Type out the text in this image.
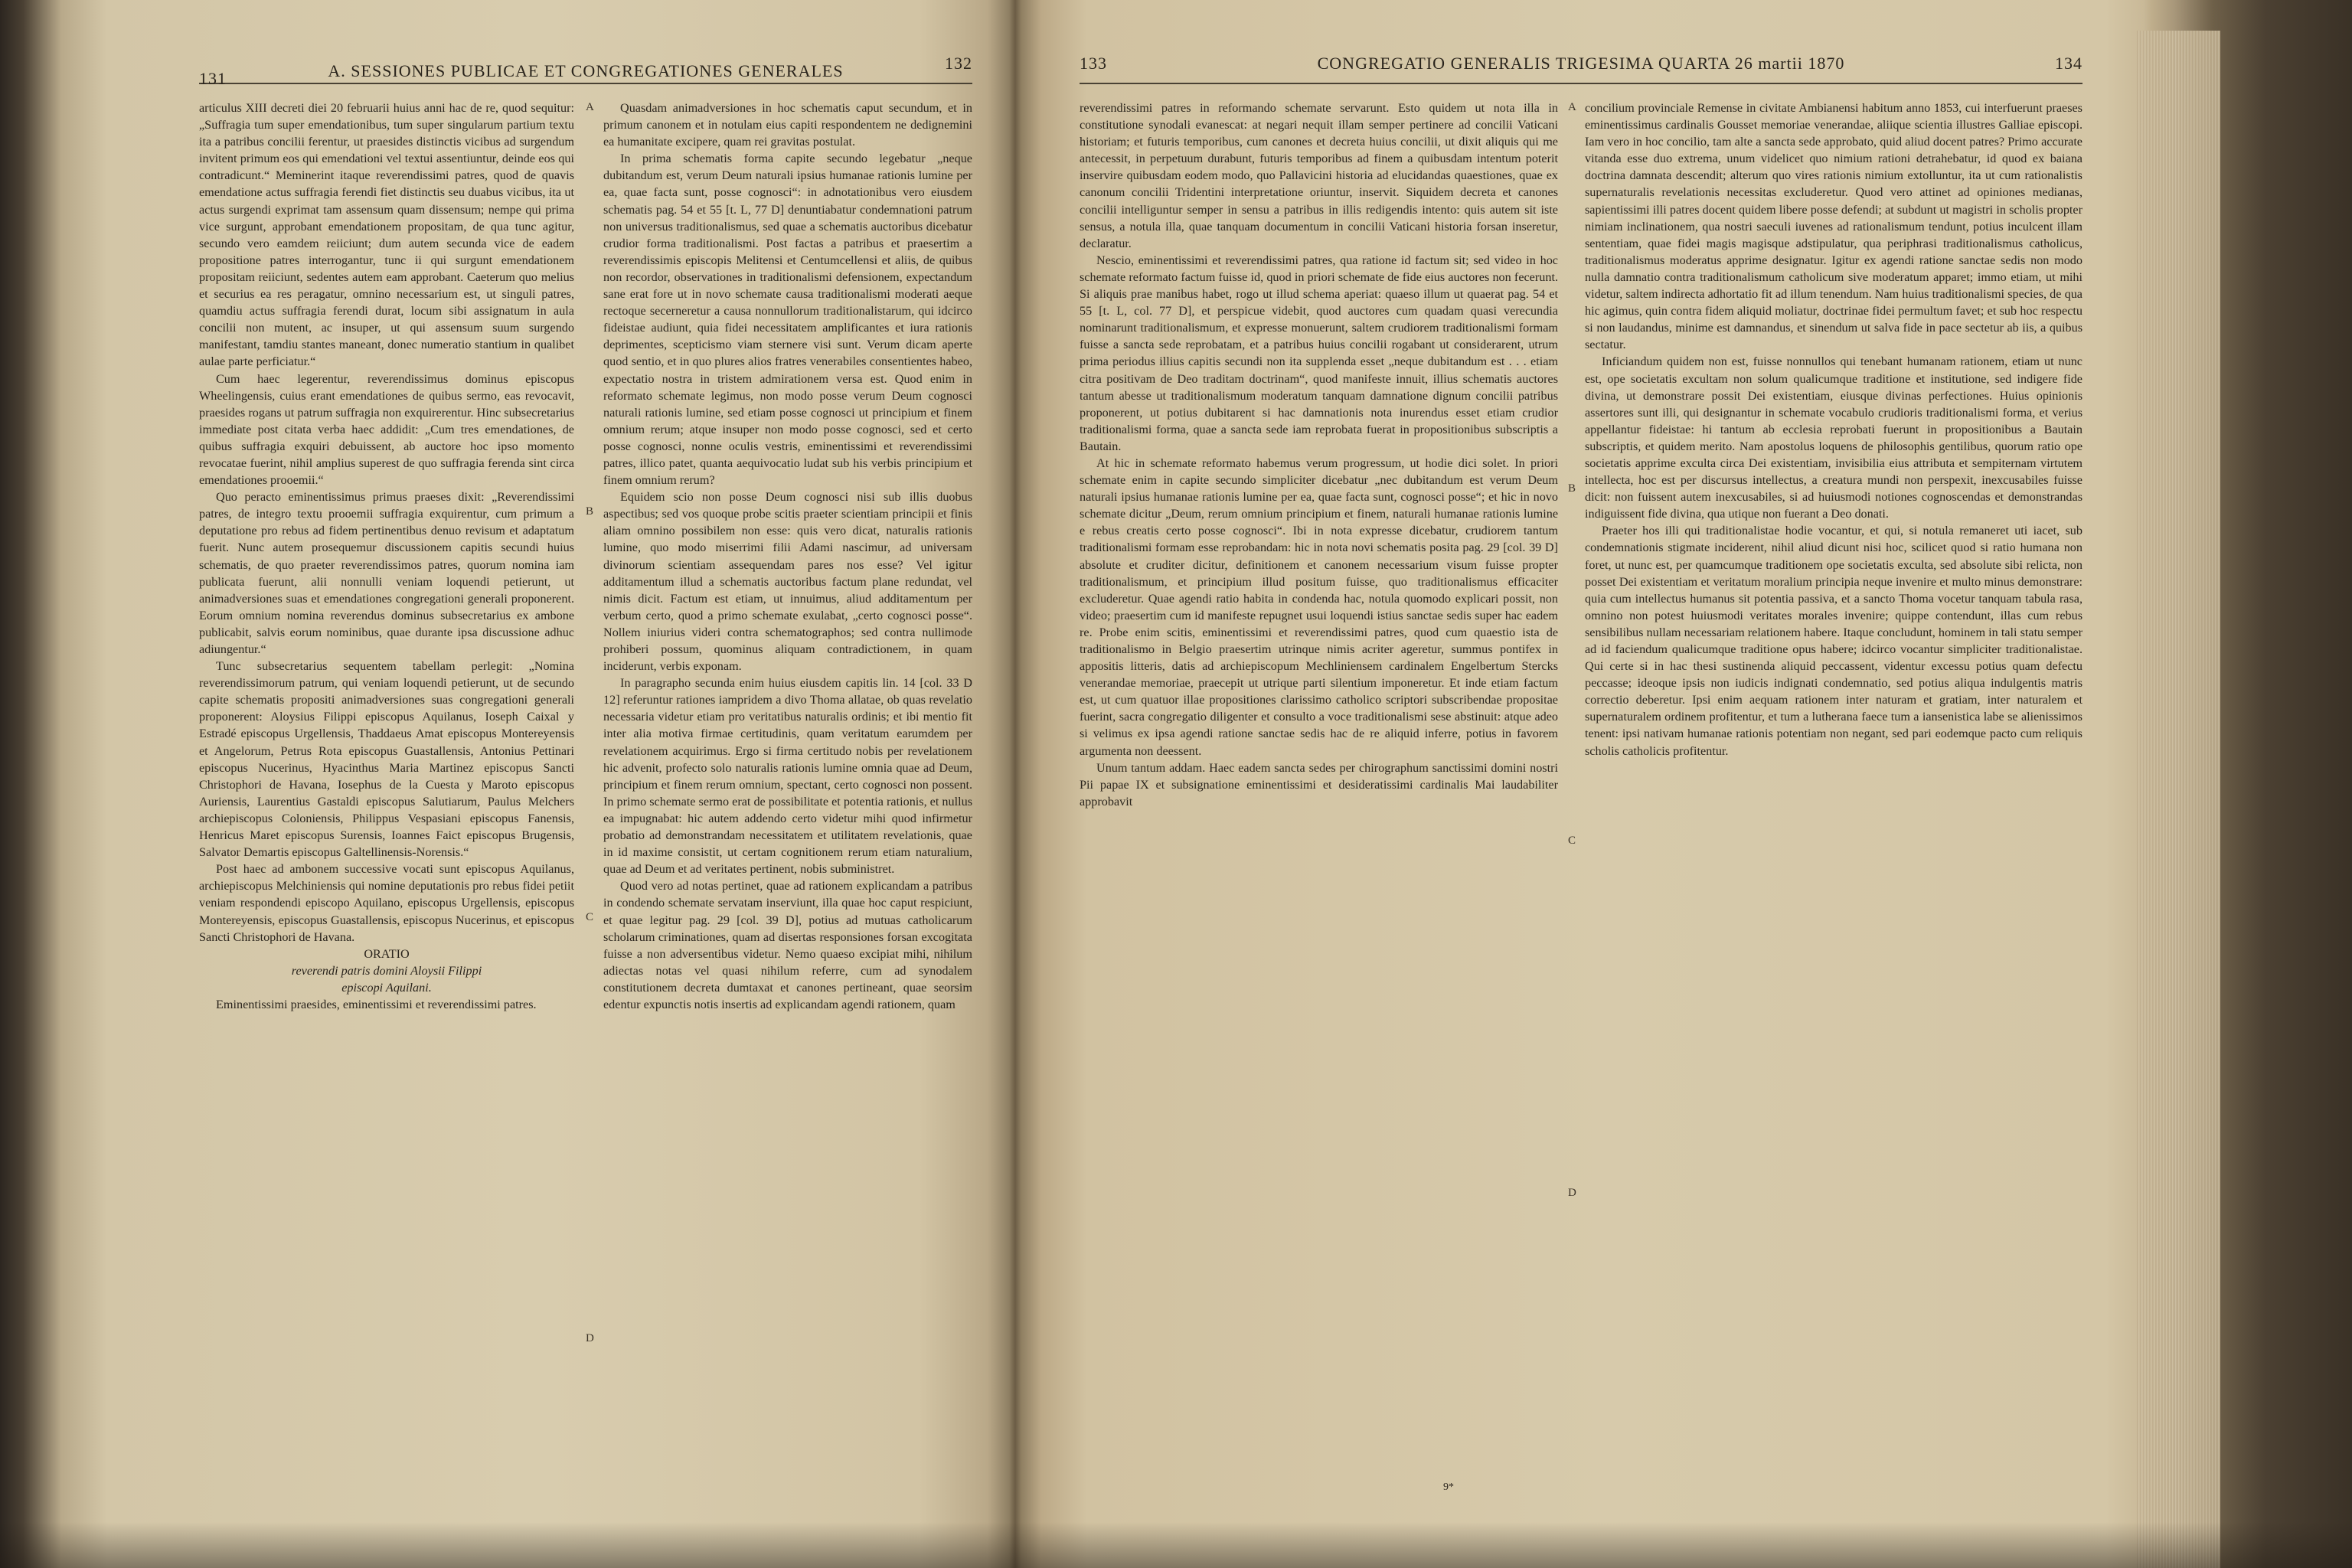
131	A. SESSIONES PUBLICAE ET CONGREGATIONES GENERALES	132

articulus XIII decreti diei 20 februarii huius anni hac de re, quod sequitur: „Suffragia tum super emendationibus, tum super singularum partium textu ita a patribus concilii ferentur, ut praesides distinctis vicibus ad surgendum invitent primum eos qui emendationi vel textui assentiuntur, deinde eos qui contradicunt.“ Meminerint itaque reverendissimi patres, quod de quavis emendatione actus suffragia ferendi fiet distinctis seu duabus vicibus, ita ut actus surgendi exprimat tam assensum quam dissensum; nempe qui prima vice surgunt, approbant emendationem propositam, de qua tunc agitur, secundo vero eamdem reiiciunt; dum autem secunda vice de eadem propositione patres interrogantur, tunc ii qui surgunt emendationem propositam reiiciunt, sedentes autem eam approbant. Caeterum quo melius et securius ea res peragatur, omnino necessarium est, ut singuli patres, quamdiu actus suffragia ferendi durat, locum sibi assignatum in aula concilii non mutent, ac insuper, ut qui assensum suum surgendo manifestant, tamdiu stantes maneant, donec numeratio stantium in qualibet aulae parte perficiatur.“

Cum haec legerentur, reverendissimus dominus episcopus Wheelingensis, cuius erant emendationes de quibus sermo, eas revocavit, praesides rogans ut patrum suffragia non exquirerentur. Hinc subsecretarius immediate post citata verba haec addidit: „Cum tres emendationes, de quibus suffragia exquiri debuissent, ab auctore hoc ipso momento revocatae fuerint, nihil amplius superest de quo suffragia ferenda sint circa emendationes prooemii.“

Quo peracto eminentissimus primus praeses dixit: „Reverendissimi patres, de integro textu prooemii suffragia exquirentur, cum primum a deputatione pro rebus ad fidem pertinentibus denuo revisum et adaptatum fuerit. Nunc autem prosequemur discussionem capitis secundi huius schematis, de quo praeter reverendissimos patres, quorum nomina iam publicata fuerunt, alii nonnulli veniam loquendi petierunt, ut animadversiones suas et emendationes congregationi generali proponerent. Eorum omnium nomina reverendus dominus subsecretarius ex ambone publicabit, salvis eorum nominibus, quae durante ipsa discussione adhuc adiungentur.“

Tunc subsecretarius sequentem tabellam perlegit: „Nomina reverendissimorum patrum, qui veniam loquendi petierunt, ut de secundo capite schematis propositi animadversiones suas congregationi generali proponerent: Aloysius Filippi episcopus Aquilanus, Ioseph Caixal y Estradé episcopus Urgellensis, Thaddaeus Amat episcopus Montereyensis et Angelorum, Petrus Rota episcopus Guastallensis, Antonius Pettinari episcopus Nucerinus, Hyacinthus Maria Martinez episcopus Sancti Christophori de Havana, Iosephus de la Cuesta y Maroto episcopus Auriensis, Laurentius Gastaldi episcopus Salutiarum, Paulus Melchers archiepiscopus Coloniensis, Philippus Vespasiani episcopus Fanensis, Henricus Maret episcopus Surensis, Ioannes Faict episcopus Brugensis, Salvator Demartis episcopus Galtellinensis-Norensis.“

Post haec ad ambonem successive vocati sunt episcopus Aquilanus, archiepiscopus Melchiniensis qui nomine deputationis pro rebus fidei petiit veniam respondendi episcopo Aquilano, episcopus Urgellensis, episcopus Montereyensis, episcopus Guastallensis, episcopus Nucerinus, et episcopus Sancti Christophori de Havana.

ORATIO

reverendi patris domini Aloysii Filippi

episcopi Aquilani.

Eminentissimi praesides, eminentissimi et reverendissimi patres.

Quasdam animadversiones in hoc schematis caput secundum, et in primum canonem et in notulam eius capiti respondentem ne dedignemini ea humanitate excipere, quam rei gravitas postulat.

In prima schematis forma capite secundo legebatur „neque dubitandum est, verum Deum naturali ipsius humanae rationis lumine per ea, quae facta sunt, posse cognosci“: in adnotationibus vero eiusdem schematis pag. 54 et 55 [t. L, 77 D] denuntiabatur condemnationi patrum non universus traditionalismus, sed quae a schematis auctoribus dicebatur crudior forma traditionalismi. Post factas a patribus et praesertim a reverendissimis episcopis Melitensi et Centumcellensi et aliis, de quibus non recordor, observationes in traditionalismi defensionem, expectandum sane erat fore ut in novo schemate causa traditionalismi moderati aeque rectoque secerneretur a causa nonnullorum traditionalistarum, qui idcirco fideistae audiunt, quia fidei necessitatem amplificantes et iura rationis deprimentes, scepticismo viam sternere visi sunt. Verum dicam aperte quod sentio, et in quo plures alios fratres venerabiles consentientes habeo, expectatio nostra in tristem admirationem versa est. Quod enim in reformato schemate legimus, non modo posse verum Deum cognosci naturali rationis lumine, sed etiam posse cognosci ut principium et finem omnium rerum; atque insuper non modo posse cognosci, sed et certo posse cognosci, nonne oculis vestris, eminentissimi et reverendissimi patres, illico patet, quanta aequivocatio ludat sub his verbis principium et finem omnium rerum?

Equidem scio non posse Deum cognosci nisi sub illis duobus aspectibus; sed vos quoque probe scitis praeter scientiam principii et finis aliam omnino possibilem non esse: quis vero dicat, naturalis rationis lumine, quo modo miserrimi filii Adami nascimur, ad universam divinorum scientiam assequendam pares nos esse? Vel igitur additamentum illud a schematis auctoribus factum plane redundat, vel nimis dicit. Factum est etiam, ut innuimus, aliud additamentum per verbum certo, quod a primo schemate exulabat, „certo cognosci posse“. Nollem iniurius videri contra schematographos; sed contra nullimode prohiberi possum, quominus aliquam contradictionem, in quam inciderunt, verbis exponam.

In paragrapho secunda enim huius eiusdem capitis lin. 14 [col. 33 D 12] referuntur rationes iampridem a divo Thoma allatae, ob quas revelatio necessaria videtur etiam pro veritatibus naturalis ordinis; et ibi mentio fit inter alia motiva firmae certitudinis, quam veritatum earumdem per revelationem acquirimus. Ergo si firma certitudo nobis per revelationem hic advenit, profecto solo naturalis rationis lumine omnia quae ad Deum, principium et finem rerum omnium, spectant, certo cognosci non possent. In primo schemate sermo erat de possibilitate et potentia rationis, et nullus ea impugnabat: hic autem addendo certo videtur mihi quod infirmetur probatio ad demonstrandam necessitatem et utilitatem revelationis, quae in id maxime consistit, ut certam cognitionem rerum etiam naturalium, quae ad Deum et ad veritates pertinent, nobis subministret.

Quod vero ad notas pertinet, quae ad rationem explicandam a patribus in condendo schemate servatam inserviunt, illa quae hoc caput respiciunt, et quae legitur pag. 29 [col. 39 D], potius ad mutuas catholicarum scholarum criminationes, quam ad disertas responsiones forsan excogitata fuisse a non adversentibus videtur. Nemo quaeso excipiat mihi, nihilum adiectas notas vel quasi nihilum referre, cum ad synodalem constitutionem decreta dumtaxat et canones pertineant, quae seorsim edentur expunctis notis insertis ad explicandam agendi rationem, quam

A
B
C
D
133	CONGREGATIO GENERALIS TRIGESIMA QUARTA 26 martii 1870	134

reverendissimi patres in reformando schemate servarunt. Esto quidem ut nota illa in constitutione synodali evanescat: at negari nequit illam semper pertinere ad concilii Vaticani historiam; et futuris temporibus, cum canones et decreta huius concilii, ut dixit aliquis qui me antecessit, in perpetuum durabunt, futuris temporibus ad finem a quibusdam intentum poterit inservire quibusdam eodem modo, quo Pallavicini historia ad elucidandas quaestiones, quae ex canonum concilii Tridentini interpretatione oriuntur, inservit. Siquidem decreta et canones concilii intelliguntur semper in sensu a patribus in illis redigendis intento: quis autem sit iste sensus, a notula illa, quae tanquam documentum in concilii Vaticani historia forsan inseretur, declaratur.

Nescio, eminentissimi et reverendissimi patres, qua ratione id factum sit; sed video in hoc schemate reformato factum fuisse id, quod in priori schemate de fide eius auctores non fecerunt. Si aliquis prae manibus habet, rogo ut illud schema aperiat: quaeso illum ut quaerat pag. 54 et 55 [t. L, col. 77 D], et perspicue videbit, quod auctores cum quadam quasi verecundia nominarunt traditionalismum, et expresse monuerunt, saltem crudiorem traditionalismi formam fuisse a sancta sede reprobatam, et a patribus huius concilii rogabant ut considerarent, utrum prima periodus illius capitis secundi non ita supplenda esset „neque dubitandum est . . . etiam citra positivam de Deo traditam doctrinam“, quod manifeste innuit, illius schematis auctores tantum abesse ut traditionalismum moderatum tanquam damnatione dignum concilii patribus proponerent, ut potius dubitarent si hac damnationis nota inurendus esset etiam crudior traditionalismi forma, quae a sancta sede iam reprobata fuerat in propositionibus subscriptis a Bautain.

At hic in schemate reformato habemus verum progressum, ut hodie dici solet. In priori schemate enim in capite secundo simpliciter dicebatur „nec dubitandum est verum Deum naturali ipsius humanae rationis lumine per ea, quae facta sunt, cognosci posse“; et hic in novo schemate dicitur „Deum, rerum omnium principium et finem, naturali humanae rationis lumine e rebus creatis certo posse cognosci“. Ibi in nota expresse dicebatur, crudiorem tantum traditionalismi formam esse reprobandam: hic in nota novi schematis posita pag. 29 [col. 39 D] absolute et cruditer dicitur, definitionem et canonem necessarium visum fuisse propter traditionalismum, et principium illud positum fuisse, quo traditionalismus efficaciter excluderetur. Quae agendi ratio habita in condenda hac, notula quomodo explicari possit, non video; praesertim cum id manifeste repugnet usui loquendi istius sanctae sedis super hac eadem re. Probe enim scitis, eminentissimi et reverendissimi patres, quod cum quaestio ista de traditionalismo in Belgio praesertim utrinque nimis acriter ageretur, summus pontifex in appositis litteris, datis ad archiepiscopum Mechliniensem cardinalem Engelbertum Stercks venerandae memoriae, praecepit ut utrique parti silentium imponeretur. Et inde etiam factum est, ut cum quatuor illae propositiones clarissimo catholico scriptori subscribendae propositae fuerint, sacra congregatio diligenter et consulto a voce traditionalismi sese abstinuit: atque adeo si velimus ex ipsa agendi ratione sanctae sedis hac de re aliquid inferre, potius in favorem argumenta non deessent.

Unum tantum addam. Haec eadem sancta sedes per chirographum sanctissimi domini nostri Pii papae IX et subsignatione eminentissimi et desideratissimi cardinalis Mai laudabiliter approbavit

concilium provinciale Remense in civitate Ambianensi habitum anno 1853, cui interfuerunt praeses eminentissimus cardinalis Gousset memoriae venerandae, aliique scientia illustres Galliae episcopi. Iam vero in hoc concilio, tam alte a sancta sede approbato, quid aliud docent patres? Primo accurate vitanda esse duo extrema, unum videlicet quo nimium rationi detrahebatur, id quod ex baiana doctrina damnata descendit; alterum quo vires rationis nimium extolluntur, ita ut cum rationalistis supernaturalis revelationis necessitas excluderetur. Quod vero attinet ad opiniones medianas, sapientissimi illi patres docent quidem libere posse defendi; at subdunt ut magistri in scholis propter nimiam inclinationem, qua nostri saeculi iuvenes ad rationalismum tendunt, potius inculcent illam sententiam, quae fidei magis magisque adstipulatur, qua periphrasi traditionalismus catholicus, traditionalismus moderatus apprime designatur. Igitur ex agendi ratione sanctae sedis non modo nulla damnatio contra traditionalismum catholicum sive moderatum apparet; immo etiam, ut mihi videtur, saltem indirecta adhortatio fit ad illum tenendum. Nam huius traditionalismi species, de qua hic agimus, quin contra fidem aliquid moliatur, doctrinae fidei permultum favet; et sub hoc respectu si non laudandus, minime est damnandus, et sinendum ut salva fide in pace sectetur ab iis, a quibus sectatur.

Inficiandum quidem non est, fuisse nonnullos qui tenebant humanam rationem, etiam ut nunc est, ope societatis excultam non solum qualicumque traditione et institutione, sed indigere fide divina, ut demonstrare possit Dei existentiam, eiusque divinas perfectiones. Huius opinionis assertores sunt illi, qui designantur in schemate vocabulo crudioris traditionalismi forma, et verius appellantur fideistae: hi tantum ab ecclesia reprobati fuerunt in propositionibus a Bautain subscriptis, et quidem merito. Nam apostolus loquens de philosophis gentilibus, quorum ratio ope societatis apprime exculta circa Dei existentiam, invisibilia eius attributa et sempiternam virtutem intellecta, hoc est per discursus intellectus, a creatura mundi non perspexit, inexcusabiles fuisse dicit: non fuissent autem inexcusabiles, si ad huiusmodi notiones cognoscendas et demonstrandas indiguissent fide divina, qua utique non fuerant a Deo donati.

Praeter hos illi qui traditionalistae hodie vocantur, et qui, si notula remaneret uti iacet, sub condemnationis stigmate inciderent, nihil aliud dicunt nisi hoc, scilicet quod si ratio humana non foret, ut nunc est, per quamcumque traditionem ope societatis exculta, sed absolute sibi relicta, non posset Dei existentiam et veritatum moralium principia neque invenire et multo minus demonstrare: quia cum intellectus humanus sit potentia passiva, et a sancto Thoma vocetur tanquam tabula rasa, omnino non potest huiusmodi veritates morales invenire; quippe contendunt, illas cum rebus sensibilibus nullam necessariam relationem habere. Itaque concludunt, hominem in tali statu semper ad id faciendum qualicumque traditione opus habere; idcirco vocantur simpliciter traditionalistae. Qui certe si in hac thesi sustinenda aliquid peccassent, videntur excessu potius quam defectu peccasse; ideoque ipsis non iudicis indignati condemnatio, sed potius aliqua indulgentis matris correctio deberetur. Ipsi enim aequam rationem inter naturam et gratiam, inter naturalem et supernaturalem ordinem profitentur, et tum a lutherana faece tum a iansenistica labe se alienissimos tenent: ipsi nativam humanae rationis potentiam non negant, sed pari eodemque pacto cum reliquis scholis catholicis profitentur.

A
B
C
D
9*
